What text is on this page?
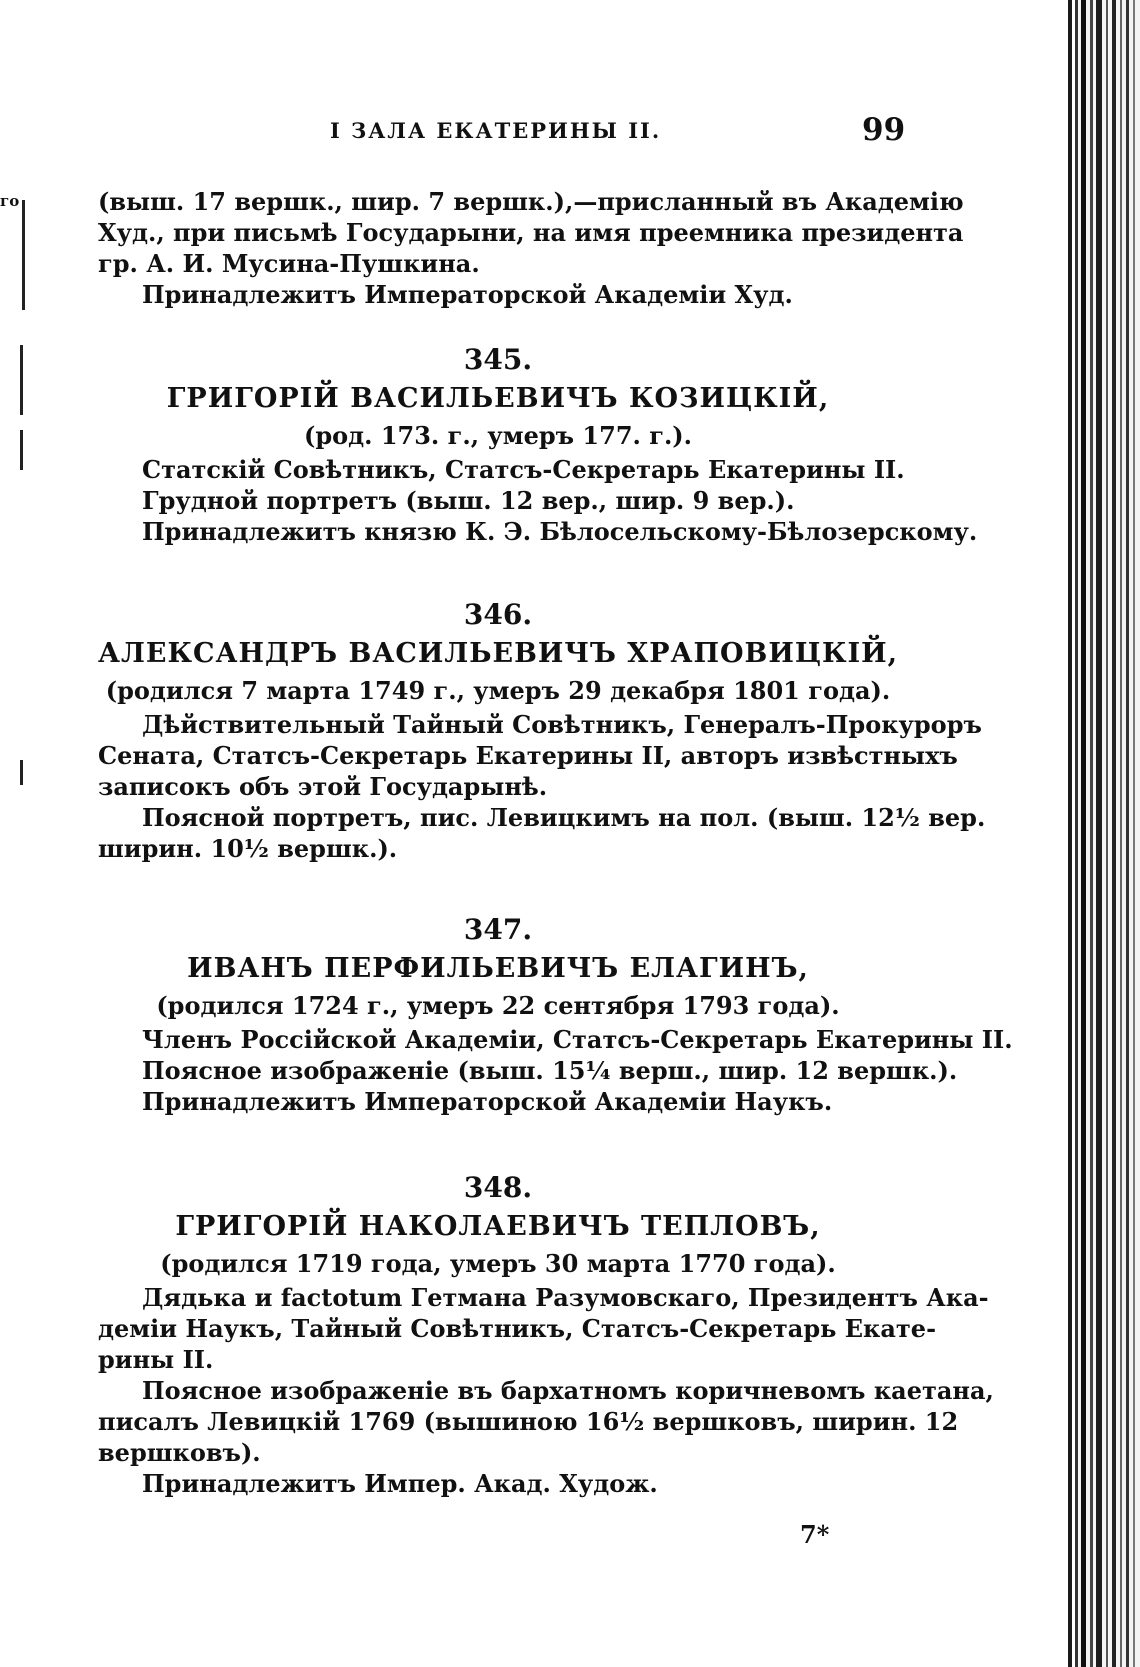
го
I ЗАЛА ЕКАТЕРИНЫ II.	99
(выш. 17 вершк., шир. 7 вершк.),—присланный въ Академію
Худ., при письмѣ Государыни, на имя преемника президента
гр. А. И. Мусина-Пушкина.
Принадлежитъ Императорской Академіи Худ.
345.
ГРИГОРІЙ ВАСИЛЬЕВИЧЪ КОЗИЦКІЙ,
(род. 173. г., умеръ 177. г.).
Статскій Совѣтникъ, Статсъ-Секретарь Екатерины II.
Грудной портретъ (выш. 12 вер., шир. 9 вер.).
Принадлежитъ князю К. Э. Бѣлосельскому-Бѣлозерскому.
346.
АЛЕКСАНДРЪ ВАСИЛЬЕВИЧЪ ХРАПОВИЦКІЙ,
(родился 7 марта 1749 г., умеръ 29 декабря 1801 года).
Дѣйствительный Тайный Совѣтникъ, Генералъ-Прокуроръ
Сената, Статсъ-Секретарь Екатерины II, авторъ извѣстныхъ
записокъ объ этой Государынѣ.
Поясной портретъ, пис. Левицкимъ на пол. (выш. 12½ вер.
ширин. 10½ вершк.).
347.
ИВАНЪ ПЕРФИЛЬЕВИЧЪ ЕЛАГИНЪ,
(родился 1724 г., умеръ 22 сентября 1793 года).
Членъ Россійской Академіи, Статсъ-Секретарь Екатерины II.
Поясное изображеніе (выш. 15¼ верш., шир. 12 вершк.).
Принадлежитъ Императорской Академіи Наукъ.
348.
ГРИГОРІЙ НАКОЛАЕВИЧЪ ТЕПЛОВЪ,
(родился 1719 года, умеръ 30 марта 1770 года).
Дядька и factotum Гетмана Разумовскаго, Президентъ Ака-
деміи Наукъ, Тайный Совѣтникъ, Статсъ-Секретарь Екате-
рины II.
Поясное изображеніе въ бархатномъ коричневомъ каетана,
писалъ Левицкій 1769 (вышиною 16½ вершковъ, ширин. 12
вершковъ).
Принадлежитъ Импер. Акад. Худож.
7*
